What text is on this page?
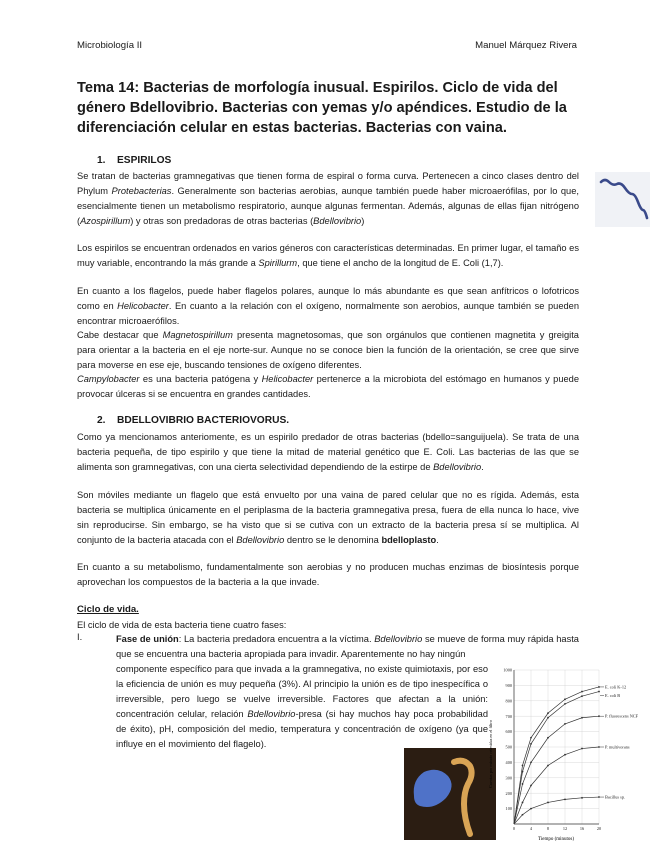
Microbiología II	Manuel Márquez Rivera
Tema 14: Bacterias de morfología inusual. Espirilos. Ciclo de vida del género Bdellovibrio. Bacterias con yemas y/o apéndices. Estudio de la diferenciación celular en estas bacterias. Bacterias con vaina.
1. ESPIRILOS

Se tratan de bacterias gramnegativas que tienen forma de espiral o forma curva. Pertenecen a cinco clases dentro del Phylum Protebacterias. Generalmente son bacterias aerobias, aunque también puede haber microaerófilas, por lo que, esencialmente tienen un metabolismo respiratorio, aunque algunas fermentan. Además, algunas de ellas fijan nitrógeno (Azospirillum) y otras son predadoras de otras bacterias (Bdellovibrio)

Los espirilos se encuentran ordenados en varios géneros con características determinadas. En primer lugar, el tamaño es muy variable, encontrando la más grande a Spirillurm, que tiene el ancho de la longitud de E. Coli (1,7).

En cuanto a los flagelos, puede haber flagelos polares, aunque lo más abundante es que sean anfítricos o lofotricos como en Helicobacter. En cuanto a la relación con el oxígeno, normalmente son aerobios, aunque también se pueden encontrar microaerófilos.

Cabe destacar que Magnetospirillum presenta magnetosomas, que son orgánulos que contienen magnetita y greigita para orientar a la bacteria en el eje norte-sur. Aunque no se conoce bien la función de la orientación, se cree que sirve para moverse en ese eje, buscando tensiones de oxígeno diferentes.

Campylobacter es una bacteria patógena y Helicobacter pertenerce a la microbiota del estómago en humanos y puede provocar úlceras si se encuentra en grandes cantidades.

2. BDELLOVIBRIO BACTERIOVORUS.

Como ya mencionamos anteriomente, es un espirilo predador de otras bacterias (bdello=sanguijuela). Se trata de una bacteria pequeña, de tipo espirilo y que tiene la mitad de material genético que E. Coli. Las bacterias de las que se alimenta son gramnegativas, con una cierta selectividad dependiendo de la estirpe de Bdellovibrio.

Son móviles mediante un flagelo que está envuelto por una vaina de pared celular que no es rígida. Además, esta bacteria se multiplica únicamente en el periplasma de la bacteria gramnegativa presa, fuera de ella nunca lo hace, vive sin reproducirse. Sin embargo, se ha visto que si se cutiva con un extracto de la bacteria presa sí se multiplica. Al conjunto de la bacteria atacada con el Bdellovibrio dentro se le denomina bdelloplasto.

En cuanto a su metabolismo, fundamentalmente son aerobias y no producen muchas enzimas de biosíntesis porque aprovechan los compuestos de la bacteria a la que invade.

Ciclo de vida.

El ciclo de vida de esta bacteria tiene cuatro fases:

I.	Fase de unión: La bacteria predadora encuentra a la víctima. Bdellovibrio se mueve de forma muy rápida hasta que se encuentra una bacteria apropiada para invadir. Aparentemente no hay ningún

componente específico para que invada a la gramnegativa, no existe quimiotaxis, por eso la eficiencia de unión es muy pequeña (3%). Al principio la unión es de tipo inespecífica o irreversible, pero luego se vuelve irreversible. Factores que afectan a la unión: concentración celular, relación Bdellovibrio-presa (si hay muchos hay poca probabilidad de éxito), pH, composición del medio, temperatura y concentración de oxígeno (ya que influye en el movimiento del flagelo).

100
200
300
400
500
600
700
800
900
1000
0	4	8	12	16	20
E. coli K-12
E. coli B
P. fluorescens NCF
P. multivorans
Bacillus sp.
Tiempo (minutos)
Cuentas por minuto retenidas en el filtro
